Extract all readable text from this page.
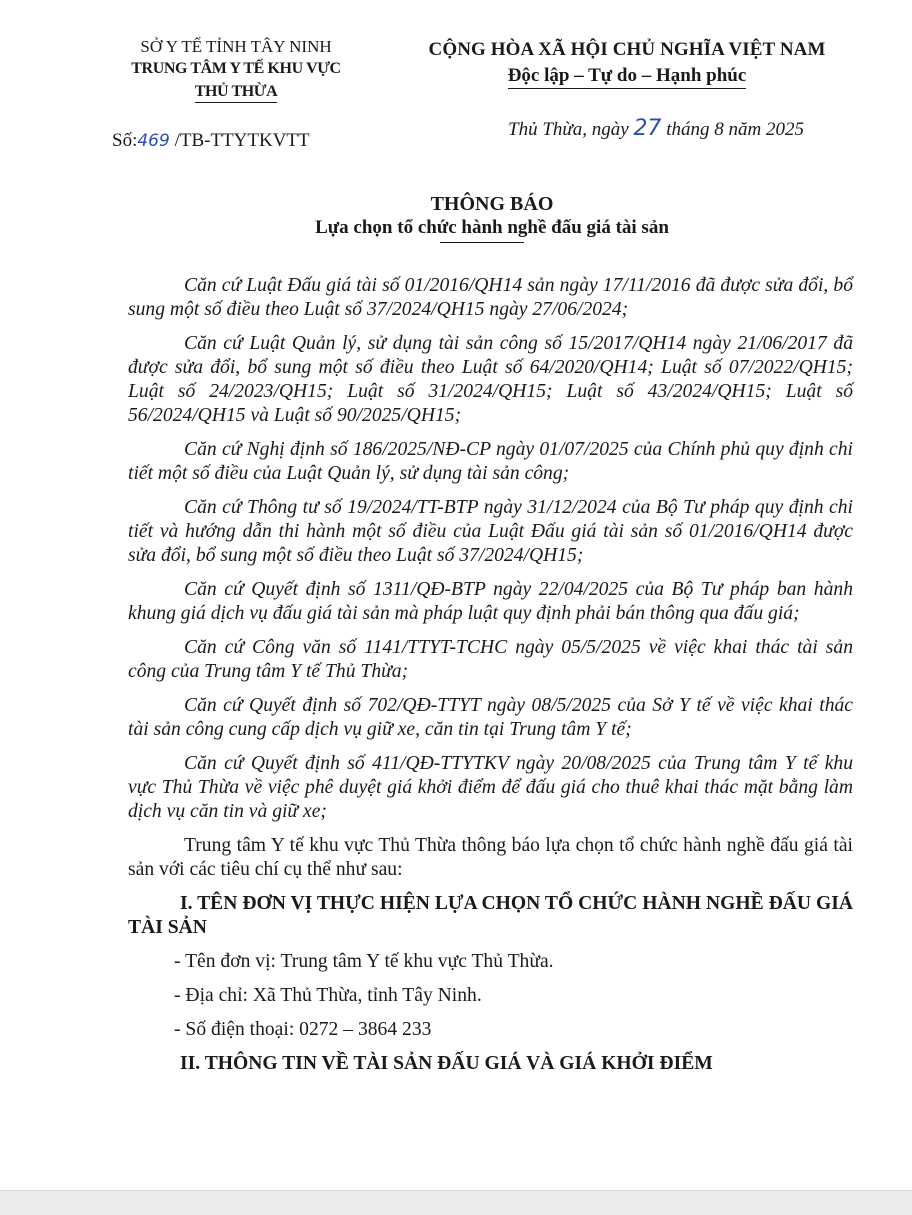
SỞ Y TẾ TỈNH TÂY NINH
TRUNG TÂM Y TẾ KHU VỰC
THỦ THỪA
CỘNG HÒA XÃ HỘI CHỦ NGHĨA VIỆT NAM
Độc lập – Tự do – Hạnh phúc
Số:469 /TB-TTYTKVTT
Thủ Thừa, ngày 27 tháng 8 năm 2025
THÔNG BÁO
Lựa chọn tổ chức hành nghề đấu giá tài sản

Căn cứ Luật Đấu giá tài số 01/2016/QH14 sản ngày 17/11/2016 đã được sửa đổi, bổ sung một số điều theo Luật số 37/2024/QH15 ngày 27/06/2024;

Căn cứ Luật Quản lý, sử dụng tài sản công số 15/2017/QH14 ngày 21/06/2017 đã được sửa đổi, bổ sung một số điều theo Luật số 64/2020/QH14; Luật số 07/2022/QH15; Luật số 24/2023/QH15; Luật số 31/2024/QH15; Luật số 43/2024/QH15; Luật số 56/2024/QH15 và Luật số 90/2025/QH15;

Căn cứ Nghị định số 186/2025/NĐ-CP ngày 01/07/2025 của Chính phủ quy định chi tiết một số điều của Luật Quản lý, sử dụng tài sản công;

Căn cứ Thông tư số 19/2024/TT-BTP ngày 31/12/2024 của Bộ Tư pháp quy định chi tiết và hướng dẫn thi hành một số điều của Luật Đấu giá tài sản số 01/2016/QH14 được sửa đổi, bổ sung một số điều theo Luật số 37/2024/QH15;

Căn cứ Quyết định số 1311/QĐ-BTP ngày 22/04/2025 của Bộ Tư pháp ban hành khung giá dịch vụ đấu giá tài sản mà pháp luật quy định phải bán thông qua đấu giá;

Căn cứ Công văn số 1141/TTYT-TCHC ngày 05/5/2025 về việc khai thác tài sản công của Trung tâm Y tế Thủ Thừa;

Căn cứ Quyết định số 702/QĐ-TTYT ngày 08/5/2025 của Sở Y tế về việc khai thác tài sản công cung cấp dịch vụ giữ xe, căn tin tại Trung tâm Y tế;

Căn cứ Quyết định số 411/QĐ-TTYTKV ngày 20/08/2025 của Trung tâm Y tế khu vực Thủ Thừa về việc phê duyệt giá khởi điểm để đấu giá cho thuê khai thác mặt bằng làm dịch vụ căn tin và giữ xe;

Trung tâm Y tế khu vực Thủ Thừa thông báo lựa chọn tổ chức hành nghề đấu giá tài sản với các tiêu chí cụ thể như sau:

I. TÊN ĐƠN VỊ THỰC HIỆN LỰA CHỌN TỔ CHỨC HÀNH NGHỀ ĐẤU GIÁ TÀI SẢN
- Tên đơn vị: Trung tâm Y tế khu vực Thủ Thừa.
- Địa chỉ: Xã Thủ Thừa, tỉnh Tây Ninh.
- Số điện thoại: 0272 – 3864 233
II. THÔNG TIN VỀ TÀI SẢN ĐẤU GIÁ VÀ GIÁ KHỞI ĐIỂM
